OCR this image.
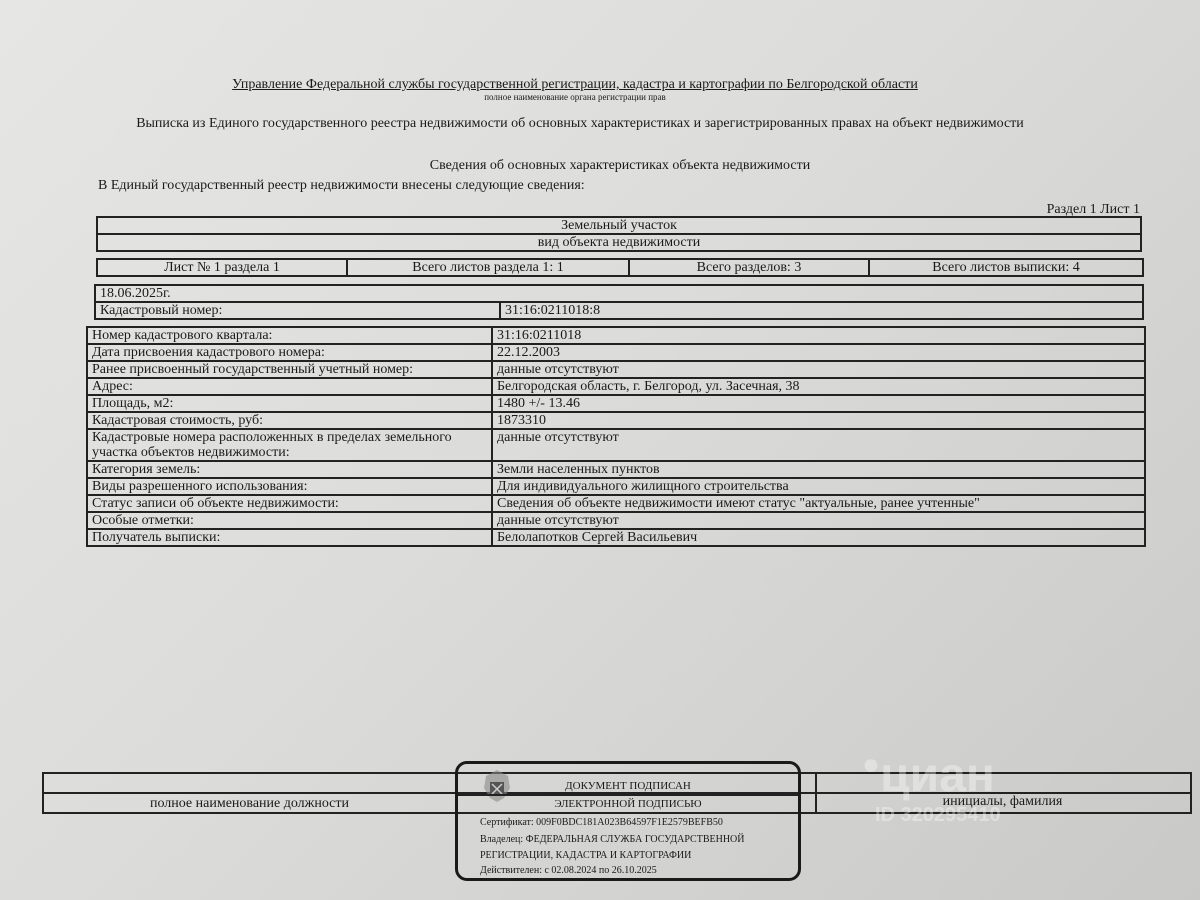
Управление Федеральной службы государственной регистрации, кадастра и картографии по Белгородской области
полное наименование органа регистрации прав
Выписка из Единого государственного реестра недвижимости об основных характеристиках и зарегистрированных правах на объект недвижимости
Сведения об основных характеристиках объекта недвижимости
В Единый государственный реестр недвижимости внесены следующие сведения:
Раздел 1 Лист 1
Земельный участок
вид объекта недвижимости
Лист № 1 раздела 1	Всего листов раздела 1: 1	Всего разделов: 3	Всего листов выписки: 4
18.06.2025г.
Кадастровый номер:	31:16:0211018:8
Номер кадастрового квартала:	31:16:0211018
Дата присвоения кадастрового номера:	22.12.2003
Ранее присвоенный государственный учетный номер:	данные отсутствуют
Адрес:	Белгородская область, г. Белгород, ул. Засечная, 38
Площадь, м2:	1480 +/- 13.46
Кадастровая стоимость, руб:	1873310

Кадастровые номера расположенных в пределах земельного
участка объектов недвижимости:	данные отсутствуют
Категория земель:	Земли населенных пунктов
Виды разрешенного использования:	Для индивидуального жилищного строительства
Статус записи об объекте недвижимости:	Сведения об объекте недвижимости имеют статус "актуальные, ранее учтенные"
Особые отметки:	данные отсутствуют
Получатель выписки:	Белолапотков Сергей Васильевич
полное наименование должности	инициалы, фамилия
ДОКУМЕНТ ПОДПИСАН
ЭЛЕКТРОННОЙ ПОДПИСЬЮ
Сертификат: 009F0BDC181A023B64597F1E2579BEFB50
Владелец: ФЕДЕРАЛЬНАЯ СЛУЖБА ГОСУДАРСТВЕННОЙ
РЕГИСТРАЦИИ, КАДАСТРА И КАРТОГРАФИИ
Действителен: с 02.08.2024 по 26.10.2025
●циан
ID 320295410
